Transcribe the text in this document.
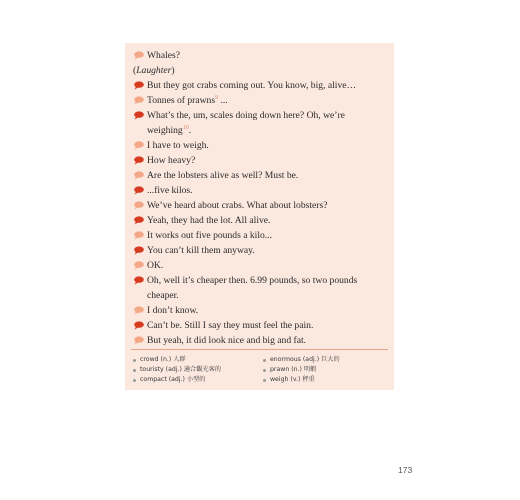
Whales?
(Laughter)
But they got crabs coming out. You know, big, alive…
Tonnes of prawns$^9$ ...
What’s the, um, scales doing down here? Oh, we’re
weighing$^{10}$.
I have to weigh.
How heavy?
Are the lobsters alive as well? Must be.
...five kilos.
We’ve heard about crabs. What about lobsters?
Yeah, they had the lot. All alive.
It works out five pounds a kilo...
You can’t kill them anyway.
OK.
Oh, well it’s cheaper then. 6.99 pounds, so two pounds
cheaper.
I don’t know.
Can’t be. Still I say they must feel the pain.
But yeah, it did look nice and big and fat.
crowd (n.) 人群
touristy (adj.) 適合觀光客的
compact (adj.) 小型的
enormous (adj.) 巨大的
prawn (n.) 明蝦
weigh (v.) 秤重
173
